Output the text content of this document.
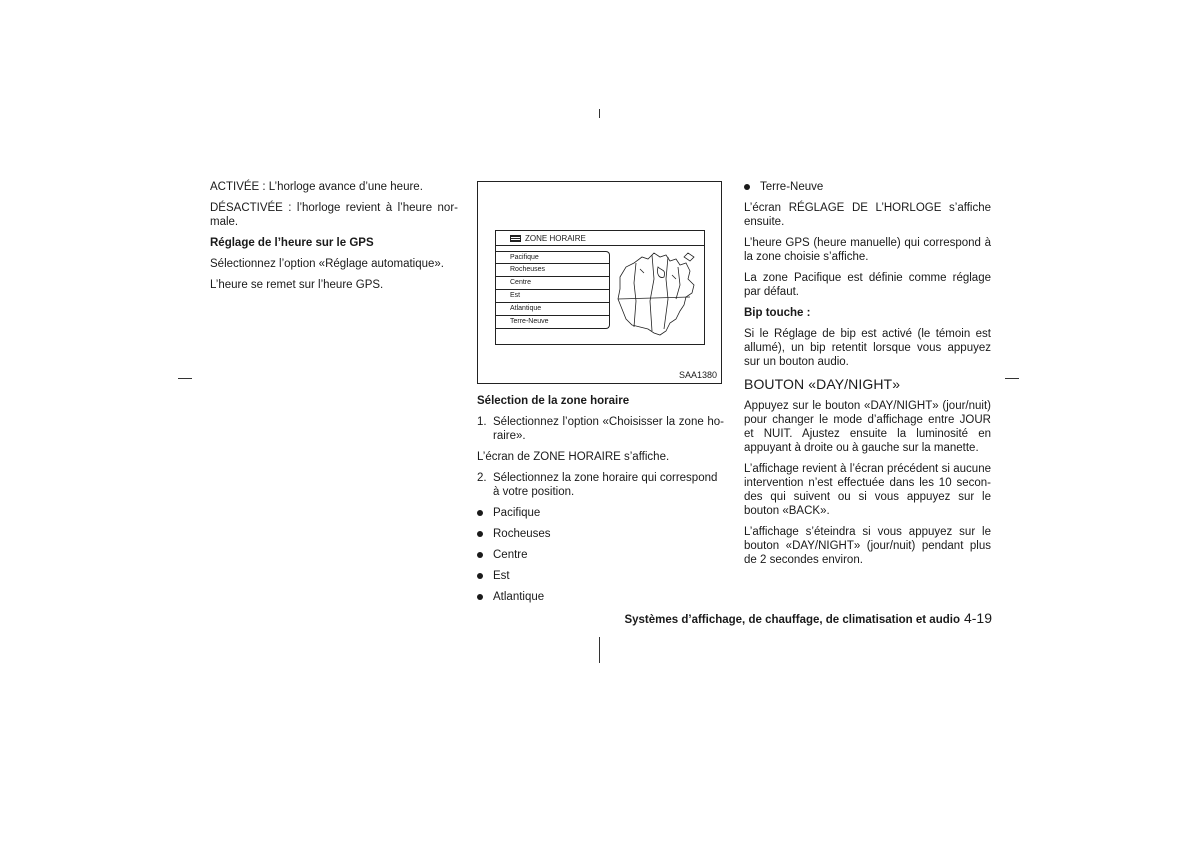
ACTIVÉE : L’horloge avance d’une heure.

DÉSACTIVÉE : l’horloge revient à l’heure normale.

Réglage de l’heure sur le GPS

Sélectionnez l’option «Réglage automatique».

L’heure se remet sur l’heure GPS.

ZONE HORAIRE
Pacifique
Rocheuses
Centre
Est
Atlantique
Terre-Neuve
SAA1380
Sélection de la zone horaire
1. Sélectionnez l’option «Choisisser la zone horaire».

L’écran de ZONE HORAIRE s’affiche.

2. Sélectionnez la zone horaire qui correspond à votre position.
Pacifique
Rocheuses
Centre
Est
Atlantique
Terre-Neuve

L’écran RÉGLAGE DE L’HORLOGE s’affiche ensuite.

L’heure GPS (heure manuelle) qui correspond à la zone choisie s’affiche.

La zone Pacifique est définie comme réglage par défaut.

Bip touche :

Si le Réglage de bip est activé (le témoin est allumé), un bip retentit lorsque vous appuyez sur un bouton audio.

BOUTON «DAY/NIGHT»

Appuyez sur le bouton «DAY/NIGHT» (jour/nuit) pour changer le mode d’affichage entre JOUR et NUIT. Ajustez ensuite la luminosité en appuyant à droite ou à gauche sur la manette.

L’affichage revient à l’écran précédent si aucune intervention n’est effectuée dans les 10 secondes qui suivent ou si vous appuyez sur le bouton «BACK».

L’affichage s’éteindra si vous appuyez sur le bouton «DAY/NIGHT» (jour/nuit) pendant plus de 2 secondes environ.

Systèmes d’affichage, de chauffage, de climatisation et audio 4-19
